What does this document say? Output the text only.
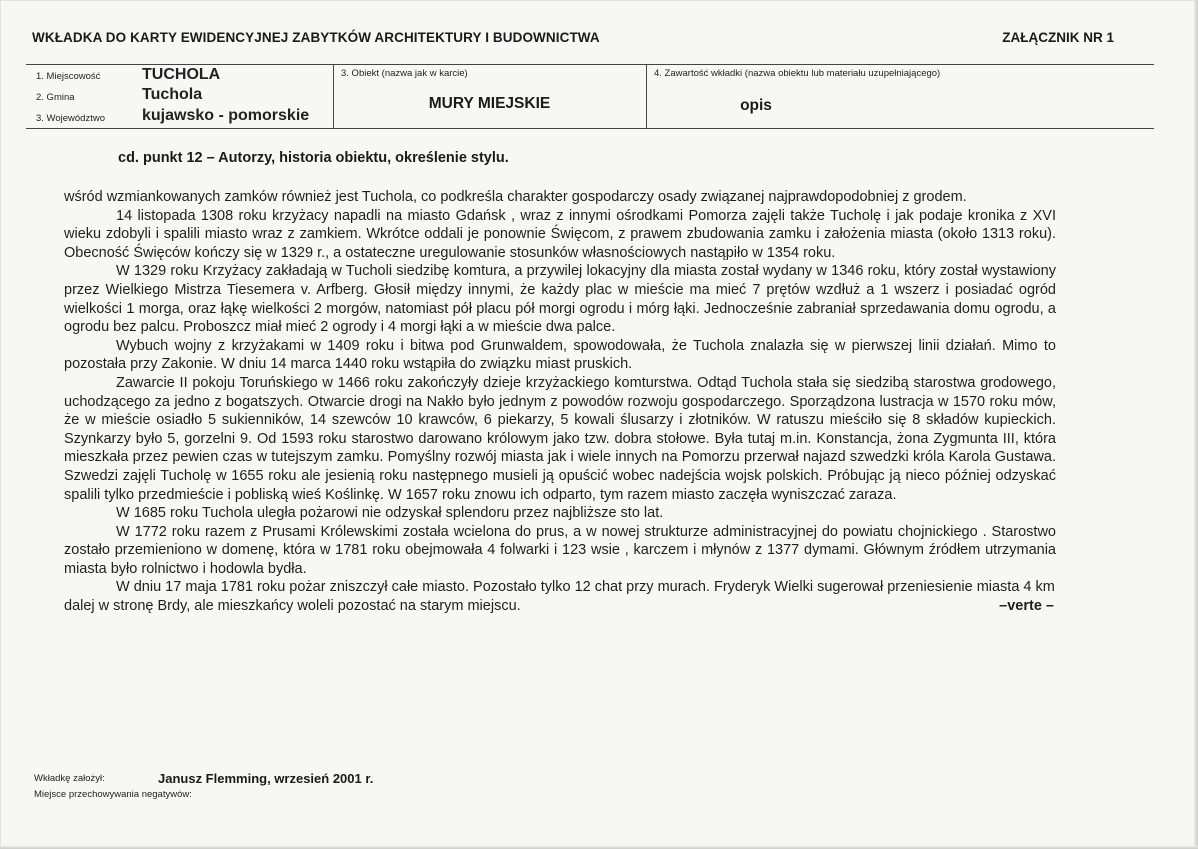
WKŁADKA DO KARTY EWIDENCYJNEJ ZABYTKÓW ARCHITEKTURY I BUDOWNICTWA	ZAŁĄCZNIK NR 1
1. Miejscowość	TUCHOLA
2. Gmina	Tuchola
3. Województwo kujawsko - pomorskie
3. Obiekt (nazwa jak w karcie)
MURY MIEJSKIE
4. Zawartość wkładki (nazwa obiektu lub materiału uzupełniającego)
opis
cd. punkt 12 – Autorzy, historia obiektu, określenie stylu.

wśród wzmiankowanych zamków również jest Tuchola, co podkreśla charakter gospodarczy osady związanej najprawdopodobniej z grodem.

14 listopada 1308 roku krzyżacy napadli na miasto Gdańsk , wraz z innymi ośrodkami Pomorza zajęli także Tucholę i jak podaje kronika z XVI wieku zdobyli i spalili miasto wraz z zamkiem. Wkrótce oddali je ponownie Święcom, z prawem zbudowania zamku i założenia miasta (około 1313 roku). Obecność Święców kończy się w 1329 r., a ostateczne uregulowanie stosunków własnościowych nastąpiło w 1354 roku.

W 1329 roku Krzyżacy zakładają w Tucholi siedzibę komtura, a przywilej lokacyjny dla miasta został wydany w 1346 roku, który został wystawiony przez Wielkiego Mistrza Tiesemera v. Arfberg. Głosił między innymi, że każdy plac w mieście ma mieć 7 prętów wzdłuż a 1 wszerz i posiadać ogród wielkości 1 morga, oraz łąkę wielkości 2 morgów, natomiast pół placu pół morgi ogrodu i mórg łąki. Jednocześnie zabraniał sprzedawania domu ogrodu, a ogrodu bez palcu. Proboszcz miał mieć 2 ogrody i 4 morgi łąki a w mieście dwa palce.

Wybuch wojny z krzyżakami w 1409 roku i bitwa pod Grunwaldem, spowodowała, że Tuchola znalazła się w pierwszej linii działań. Mimo to pozostała przy Zakonie. W dniu 14 marca 1440 roku wstąpiła do związku miast pruskich.

Zawarcie II pokoju Toruńskiego w 1466 roku zakończyły dzieje krzyżackiego komturstwa. Odtąd Tuchola stała się siedzibą starostwa grodowego, uchodzącego za jedno z bogatszych. Otwarcie drogi na Nakło było jednym z powodów rozwoju gospodarczego. Sporządzona lustracja w 1570 roku mów, że w mieście osiadło 5 sukienników, 14 szewców 10 krawców, 6 piekarzy, 5 kowali ślusarzy i złotników. W ratuszu mieściło się 8 składów kupieckich. Szynkarzy było 5, gorzelni 9. Od 1593 roku starostwo darowano królowym jako tzw. dobra stołowe. Była tutaj m.in. Konstancja, żona Zygmunta III, która mieszkała przez pewien czas w tutejszym zamku. Pomyślny rozwój miasta jak i wiele innych na Pomorzu przerwał najazd szwedzki króla Karola Gustawa. Szwedzi zajęli Tucholę w 1655 roku ale jesienią roku następnego musieli ją opuścić wobec nadejścia wojsk polskich. Próbując ją nieco później odzyskać spalili tylko przedmieście i pobliską wieś Koślinkę. W 1657 roku znowu ich odparto, tym razem miasto zaczęła wyniszczać zaraza.

W 1685 roku Tuchola uległa pożarowi nie odzyskał splendoru przez najbliższe sto lat.

W 1772 roku razem z Prusami Królewskimi została wcielona do prus, a w nowej strukturze administracyjnej do powiatu chojnickiego . Starostwo zostało przemieniono w domenę, która w 1781 roku obejmowała 4 folwarki i 123 wsie , karczem i młynów z 1377 dymami. Głównym źródłem utrzymania miasta było rolnictwo i hodowla bydła.

W dniu 17 maja 1781 roku pożar zniszczył całe miasto. Pozostało tylko 12 chat przy murach. Fryderyk Wielki sugerował przeniesienie miasta 4 km dalej w stronę Brdy, ale mieszkańcy woleli pozostać na starym miejscu.	–verte –

Wkładkę założył:	Janusz Flemming, wrzesień 2001 r.
Miejsce przechowywania negatywów:
